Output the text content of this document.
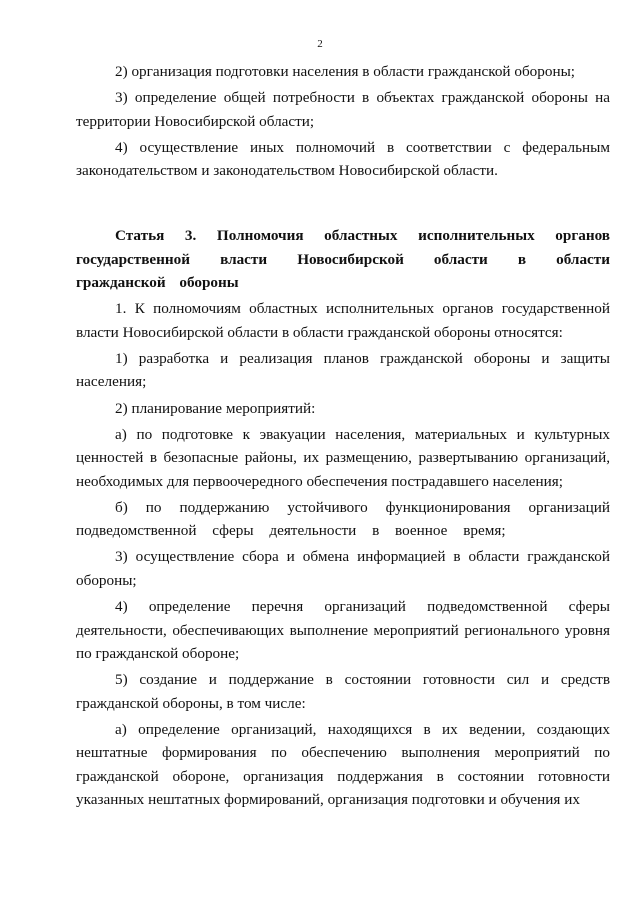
2

2) организация подготовки населения в области гражданской обороны;

3) определение общей потребности в объектах гражданской обороны на территории Новосибирской области;

4) осуществление иных полномочий в соответствии с федеральным законодательством и законодательством Новосибирской области.

Статья 3. Полномочия областных исполнительных органов государственной власти Новосибирской области в области гражданской обороны

1. К полномочиям областных исполнительных органов государственной власти Новосибирской области в области гражданской обороны относятся:

1) разработка и реализация планов гражданской обороны и защиты населения;

2) планирование мероприятий:

а) по подготовке к эвакуации населения, материальных и культурных ценностей в безопасные районы, их размещению, развертыванию организаций, необходимых для первоочередного обеспечения пострадавшего населения;

б) по поддержанию устойчивого функционирования организаций подведомственной сферы деятельности в военное время;

3) осуществление сбора и обмена информацией в области гражданской обороны;

4) определение перечня организаций подведомственной сферы деятельности, обеспечивающих выполнение мероприятий регионального уровня по гражданской обороне;

5) создание и поддержание в состоянии готовности сил и средств гражданской обороны, в том числе:

а) определение организаций, находящихся в их ведении, создающих нештатные формирования по обеспечению выполнения мероприятий по гражданской обороне, организация поддержания в состоянии готовности указанных нештатных формирований, организация подготовки и обучения их
